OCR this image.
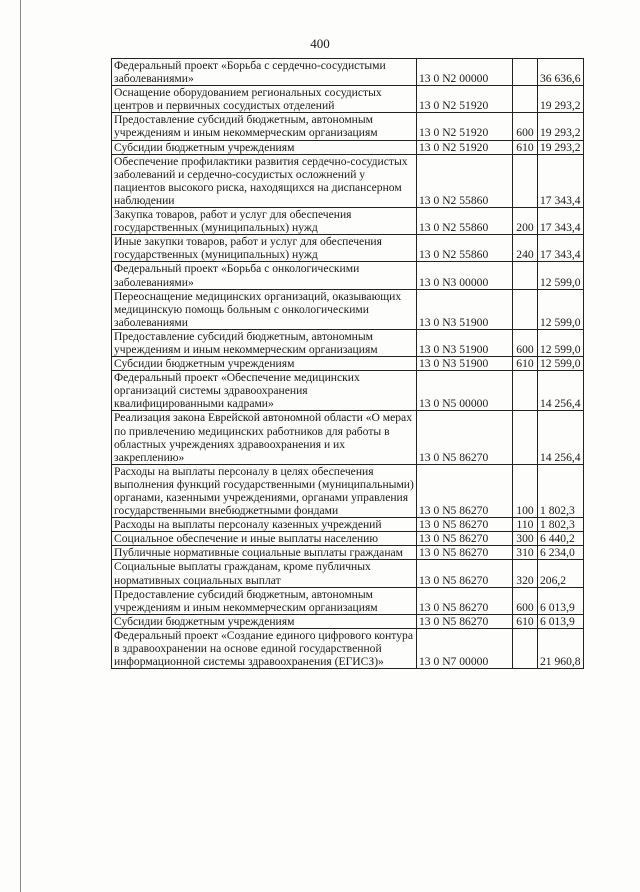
400
Федеральный проект «Борьба с сердечно-сосудистыми заболеваниями»	13 0 N2 00000		36 636,6
Оснащение оборудованием региональных сосудистых центров и первичных сосудистых отделений	13 0 N2 51920		19 293,2
Предоставление субсидий бюджетным, автономным учреждениям и иным некоммерческим организациям	13 0 N2 51920	600	19 293,2
Субсидии бюджетным учреждениям	13 0 N2 51920	610	19 293,2
Обеспечение профилактики развития сердечно-сосудистых заболеваний и сердечно-сосудистых осложнений у пациентов высокого риска, находящихся на диспансерном наблюдении	13 0 N2 55860		17 343,4
Закупка товаров, работ и услуг для обеспечения государственных (муниципальных) нужд	13 0 N2 55860	200	17 343,4
Иные закупки товаров, работ и услуг для обеспечения государственных (муниципальных) нужд	13 0 N2 55860	240	17 343,4
Федеральный проект «Борьба с онкологическими заболеваниями»	13 0 N3 00000		12 599,0
Переоснащение медицинских организаций, оказывающих медицинскую помощь больным с онкологическими заболеваниями	13 0 N3 51900		12 599,0
Предоставление субсидий бюджетным, автономным учреждениям и иным некоммерческим организациям	13 0 N3 51900	600	12 599,0
Субсидии бюджетным учреждениям	13 0 N3 51900	610	12 599,0
Федеральный проект «Обеспечение медицинских организаций системы здравоохранения квалифицированными кадрами»	13 0 N5 00000		14 256,4
Реализация закона Еврейской автономной области «О мерах по привлечению медицинских работников для работы в областных учреждениях здравоохранения и их закреплению»	13 0 N5 86270		14 256,4
Расходы на выплаты персоналу в целях обеспечения выполнения функций государственными (муниципальными) органами, казенными учреждениями, органами управления государственными внебюджетными фондами	13 0 N5 86270	100	1 802,3
Расходы на выплаты персоналу казенных учреждений	13 0 N5 86270	110	1 802,3
Социальное обеспечение и иные выплаты населению	13 0 N5 86270	300	6 440,2
Публичные нормативные социальные выплаты гражданам	13 0 N5 86270	310	6 234,0
Социальные выплаты гражданам, кроме публичных нормативных социальных выплат	13 0 N5 86270	320	206,2
Предоставление субсидий бюджетным, автономным учреждениям и иным некоммерческим организациям	13 0 N5 86270	600	6 013,9
Субсидии бюджетным учреждениям	13 0 N5 86270	610	6 013,9
Федеральный проект «Создание единого цифрового контура в здравоохранении на основе единой государственной информационной системы здравоохранения (ЕГИСЗ)»	13 0 N7 00000		21 960,8
